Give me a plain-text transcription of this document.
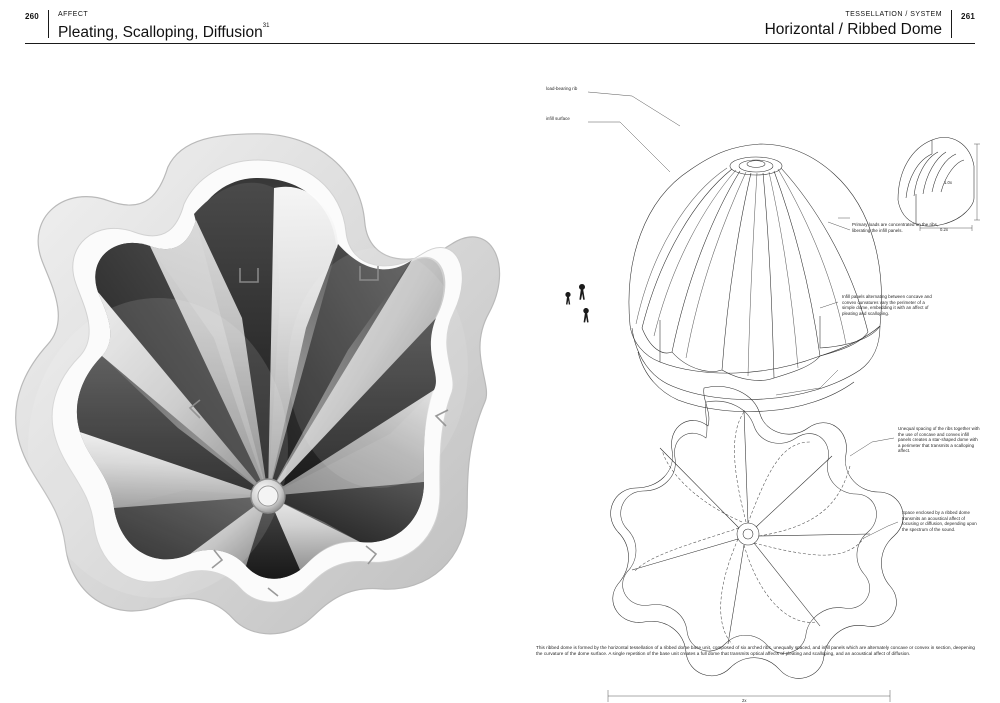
260	AFFECT
Pleating, Scalloping, Diffusion$^{31}$
TESSELLATION / SYSTEM
Horizontal / Ribbed Dome
261
load-bearing rib
infill surface
1.0x
0.2x
2x
Primary loads are concentrated on the ribs, liberating the infill panels.
Infill panels alternating between concave and convex curvatures vary the perimeter of a simple dome, embedding it with an affect of pleating and scalloping.
Unequal spacing of the ribs together with the use of concave and convex infill panels creates a star-shaped dome with a perimeter that transmits a scalloping affect.
Space enclosed by a ribbed dome transmits an acoustical affect of focusing or diffusion, depending upon the spectrum of the sound.
This ribbed dome is formed by the horizontal tessellation of a ribbed dome base unit, composed of six arched ribs, unequally spaced, and infill panels which are alternately concave or convex in section, deepening the curvature of the dome surface. A single repetition of the base unit creates a full dome that transmits optical affects of pleating and scalloping, and an acoustical affect of diffusion.
